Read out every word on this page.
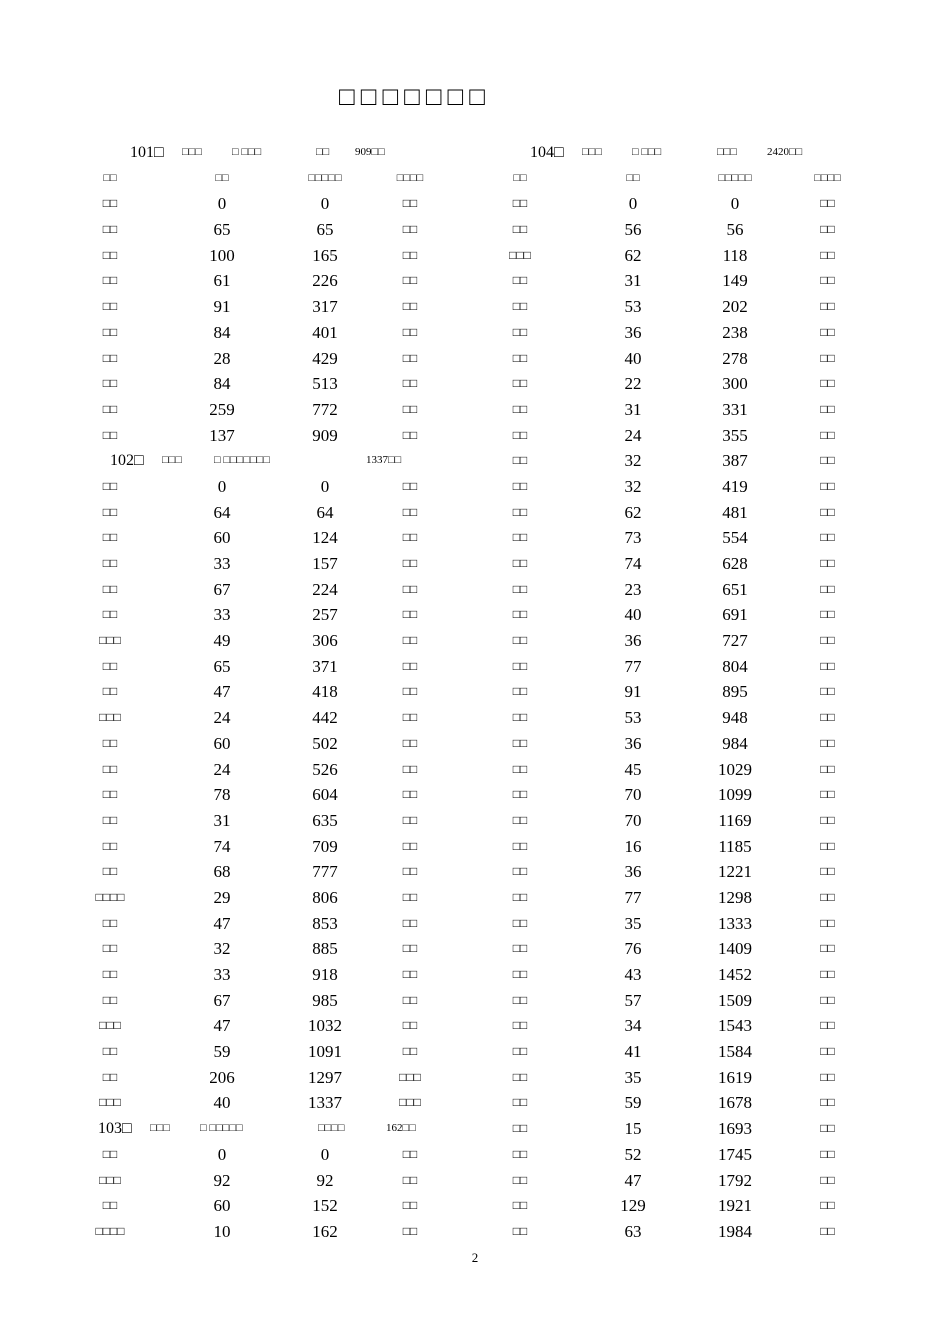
□□□□□□□
101□ □□□	□ □□□	□□ 909□□
□□	□□	□□□□□	□□□□
□□	0	0	□□
□□	65	65	□□
□□	100	165	□□
□□	61	226	□□
□□	91	317	□□
□□	84	401	□□
□□	28	429	□□
□□	84	513	□□
□□	259	772	□□
□□	137	909	□□
102□ □□□	□ □□□□□□□	1337□□
□□	0	0	□□
□□	64	64	□□
□□	60	124	□□
□□	33	157	□□
□□	67	224	□□
□□	33	257	□□
□□□	49	306	□□
□□	65	371	□□
□□	47	418	□□
□□□	24	442	□□
□□	60	502	□□
□□	24	526	□□
□□	78	604	□□
□□	31	635	□□
□□	74	709	□□
□□	68	777	□□
□□□□	29	806	□□
□□	47	853	□□
□□	32	885	□□
□□	33	918	□□
□□	67	985	□□
□□□	47	1032	□□
□□	59	1091	□□
□□	206	1297	□□□
□□□	40	1337	□□□
103□ □□□	□ □□□□□	□□□□	162□□
□□	0	0	□□
□□□	92	92	□□
□□	60	152	□□
□□□□	10	162	□□
104□ □□□	□ □□□	□□□	2420□□
□□	□□	□□□□□	□□□□
□□	0	0	□□
□□	56	56	□□
□□□	62	118	□□
□□	31	149	□□
□□	53	202	□□
□□	36	238	□□
□□	40	278	□□
□□	22	300	□□
□□	31	331	□□
□□	24	355	□□
□□	32	387	□□
□□	32	419	□□
□□	62	481	□□
□□	73	554	□□
□□	74	628	□□
□□	23	651	□□
□□	40	691	□□
□□	36	727	□□
□□	77	804	□□
□□	91	895	□□
□□	53	948	□□
□□	36	984	□□
□□	45	1029	□□
□□	70	1099	□□
□□	70	1169	□□
□□	16	1185	□□
□□	36	1221	□□
□□	77	1298	□□
□□	35	1333	□□
□□	76	1409	□□
□□	43	1452	□□
□□	57	1509	□□
□□	34	1543	□□
□□	41	1584	□□
□□	35	1619	□□
□□	59	1678	□□
□□	15	1693	□□
□□	52	1745	□□
□□	47	1792	□□
□□	129	1921	□□
□□	63	1984	□□
2
